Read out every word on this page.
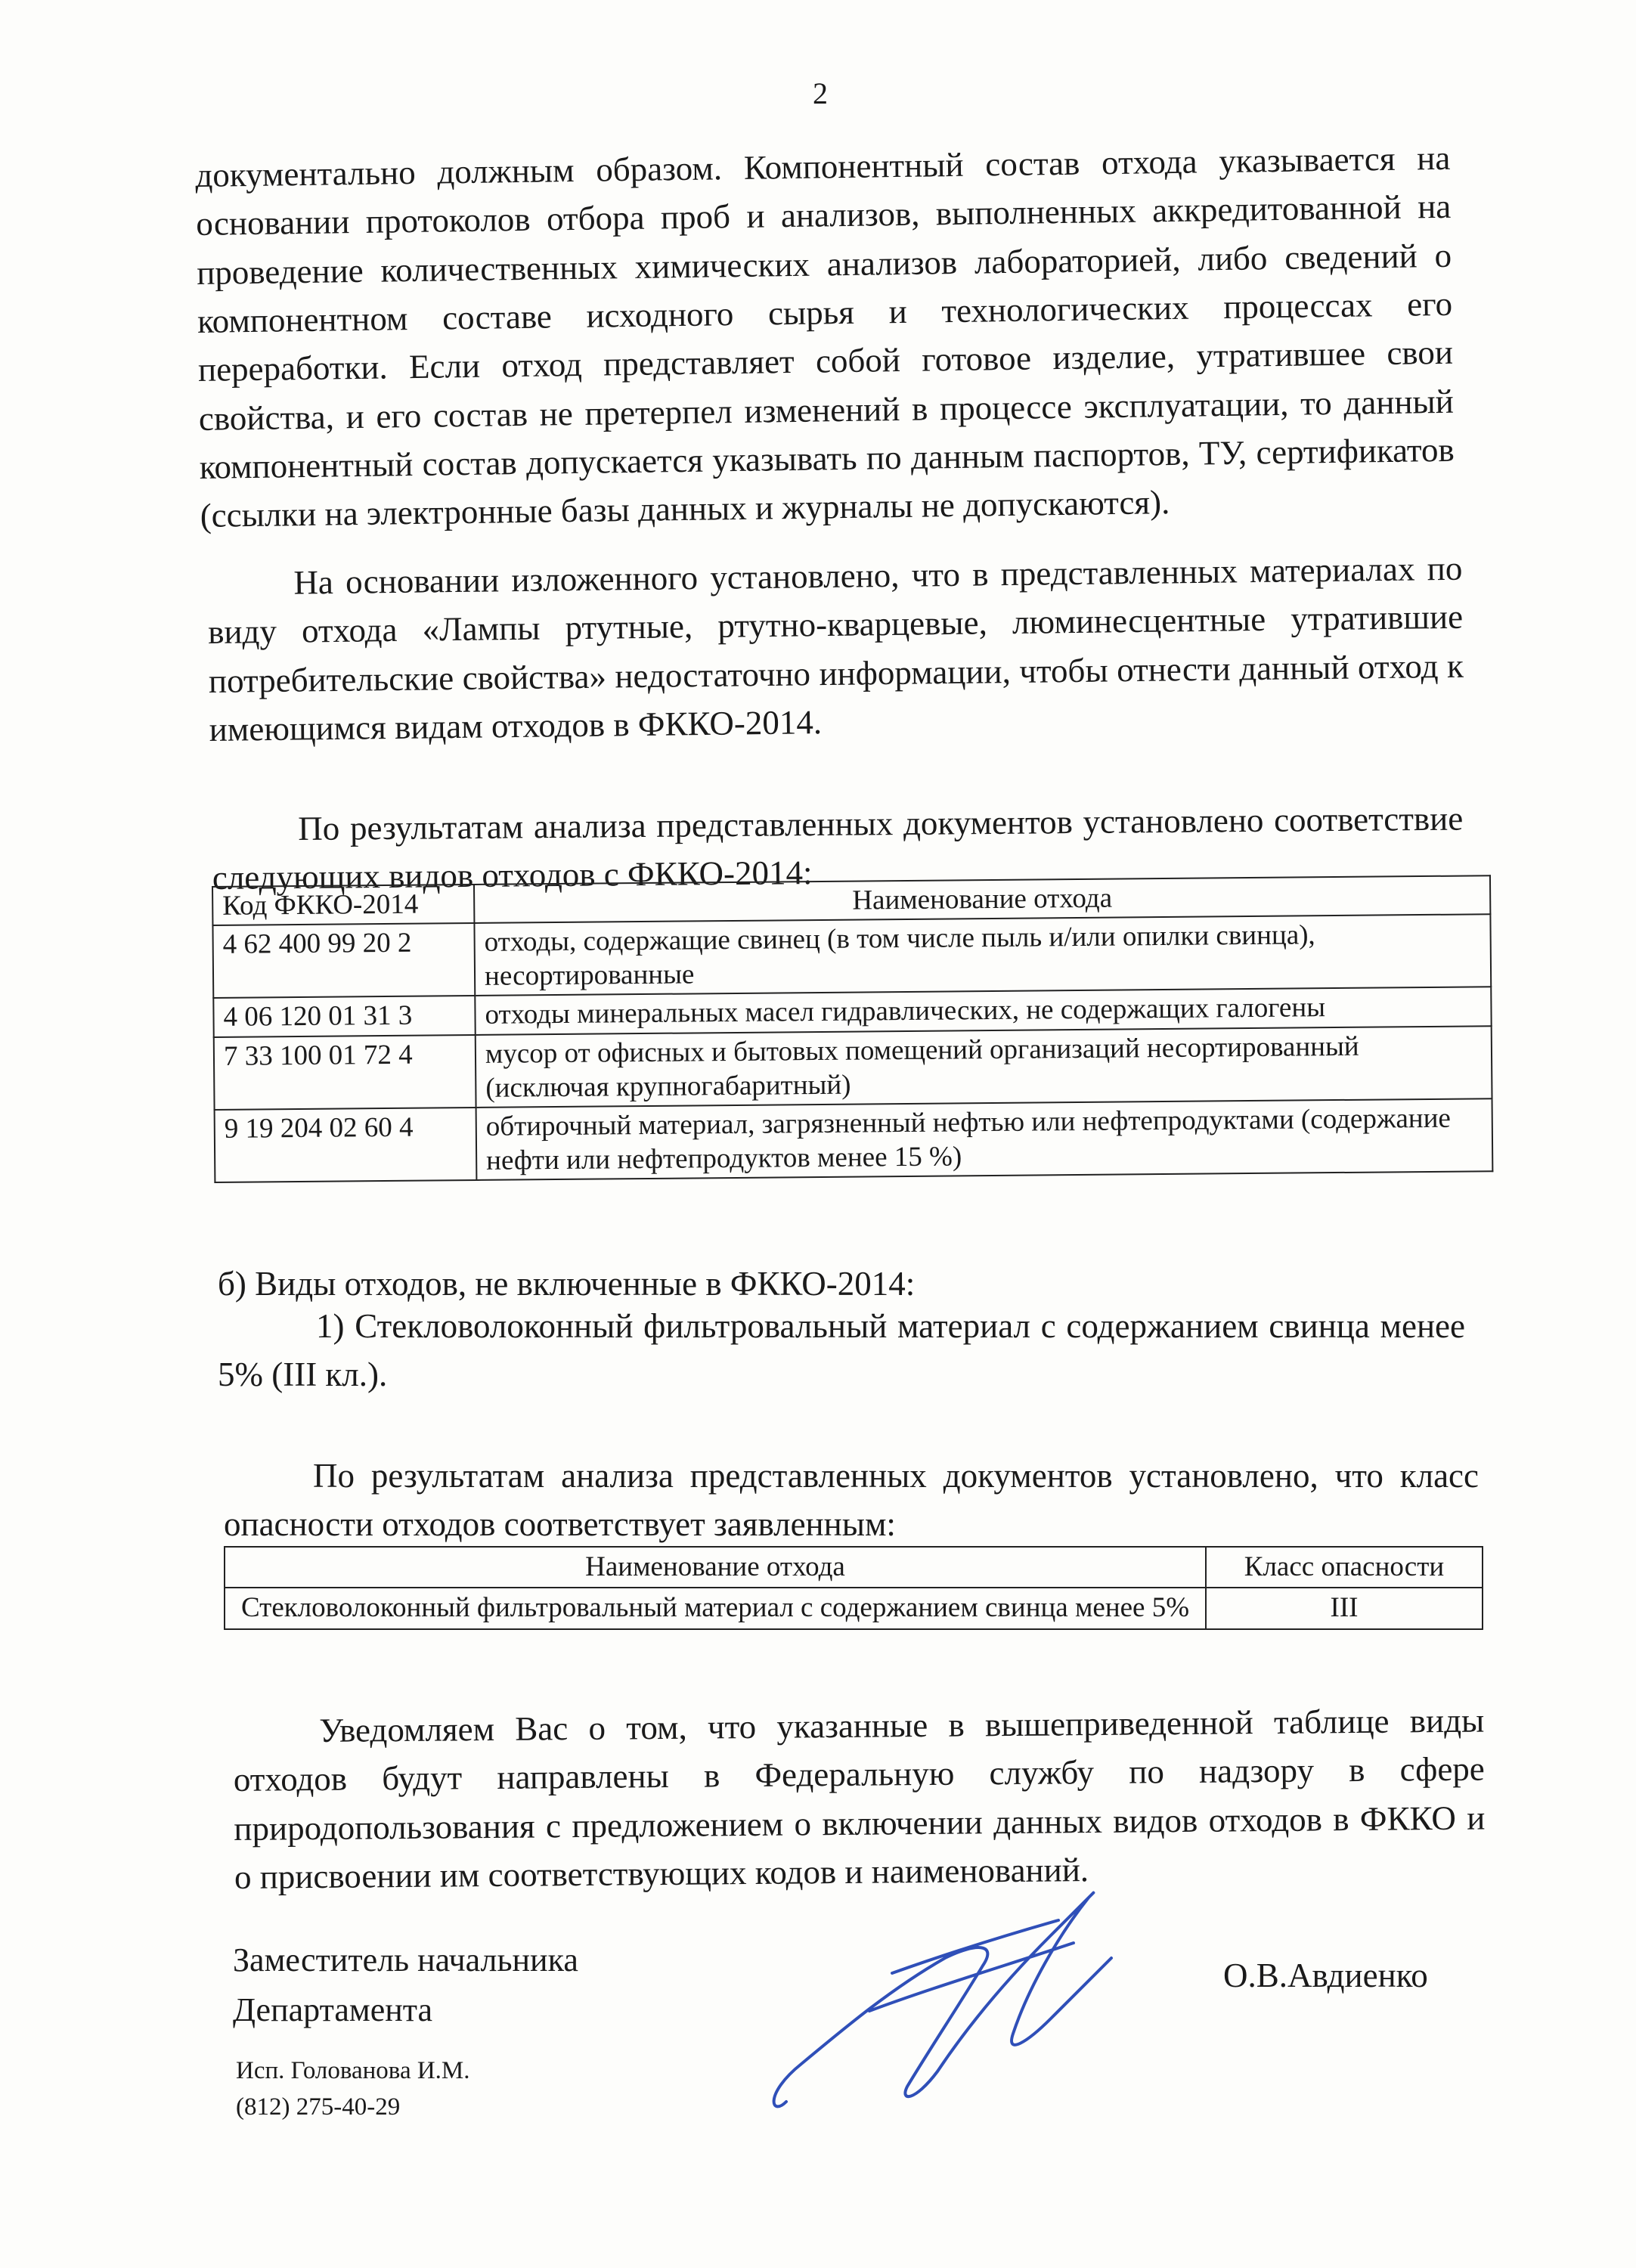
2

документально должным образом. Компонентный состав отхода указывается на основании протоколов отбора проб и анализов, выполненных аккредитованной на проведение количественных химических анализов лабораторией, либо сведений о компонентном составе исходного сырья и технологических процессах его переработки. Если отход представляет собой готовое изделие, утратившее свои свойства, и его состав не претерпел изменений в процессе эксплуатации, то данный компонентный состав допускается указывать по данным паспортов, ТУ, сертификатов (ссылки на электронные базы данных и журналы не допускаются).

На основании изложенного установлено, что в представленных материалах по виду отхода «Лампы ртутные, ртутно-кварцевые, люминесцентные утратившие потребительские свойства» недостаточно информации, чтобы отнести данный отход к имеющимся видам отходов в ФККО-2014.

По результатам анализа представленных документов установлено соответствие следующих видов отходов с ФККО-2014:

Код ФККО-2014	Наименование отхода
4 62 400 99 20 2	отходы, содержащие свинец (в том числе пыль и/или опилки свинца), несортированные
4 06 120 01 31 3	отходы минеральных масел гидравлических, не содержащих галогены
7 33 100 01 72 4	мусор от офисных и бытовых помещений организаций несортированный (исключая крупногабаритный)
9 19 204 02 60 4	обтирочный материал, загрязненный нефтью или нефтепродуктами (содержание нефти или нефтепродуктов менее 15 %)

б) Виды отходов, не включенные в ФККО-2014:

1) Стекловолоконный фильтровальный материал с содержанием свинца менее 5% (III кл.).

По результатам анализа представленных документов установлено, что класс опасности отходов соответствует заявленным:

Наименование отхода	Класс опасности
Стекловолоконный фильтровальный материал с содержанием свинца менее 5%	III

Уведомляем Вас о том, что указанные в вышеприведенной таблице виды отходов будут направлены в Федеральную службу по надзору в сфере природопользования с предложением о включении данных видов отходов в ФККО и о присвоении им соответствующих кодов и наименований.

Заместитель начальника
Департамента
О.В.Авдиенко
Исп. Голованова И.М.
(812) 275-40-29
